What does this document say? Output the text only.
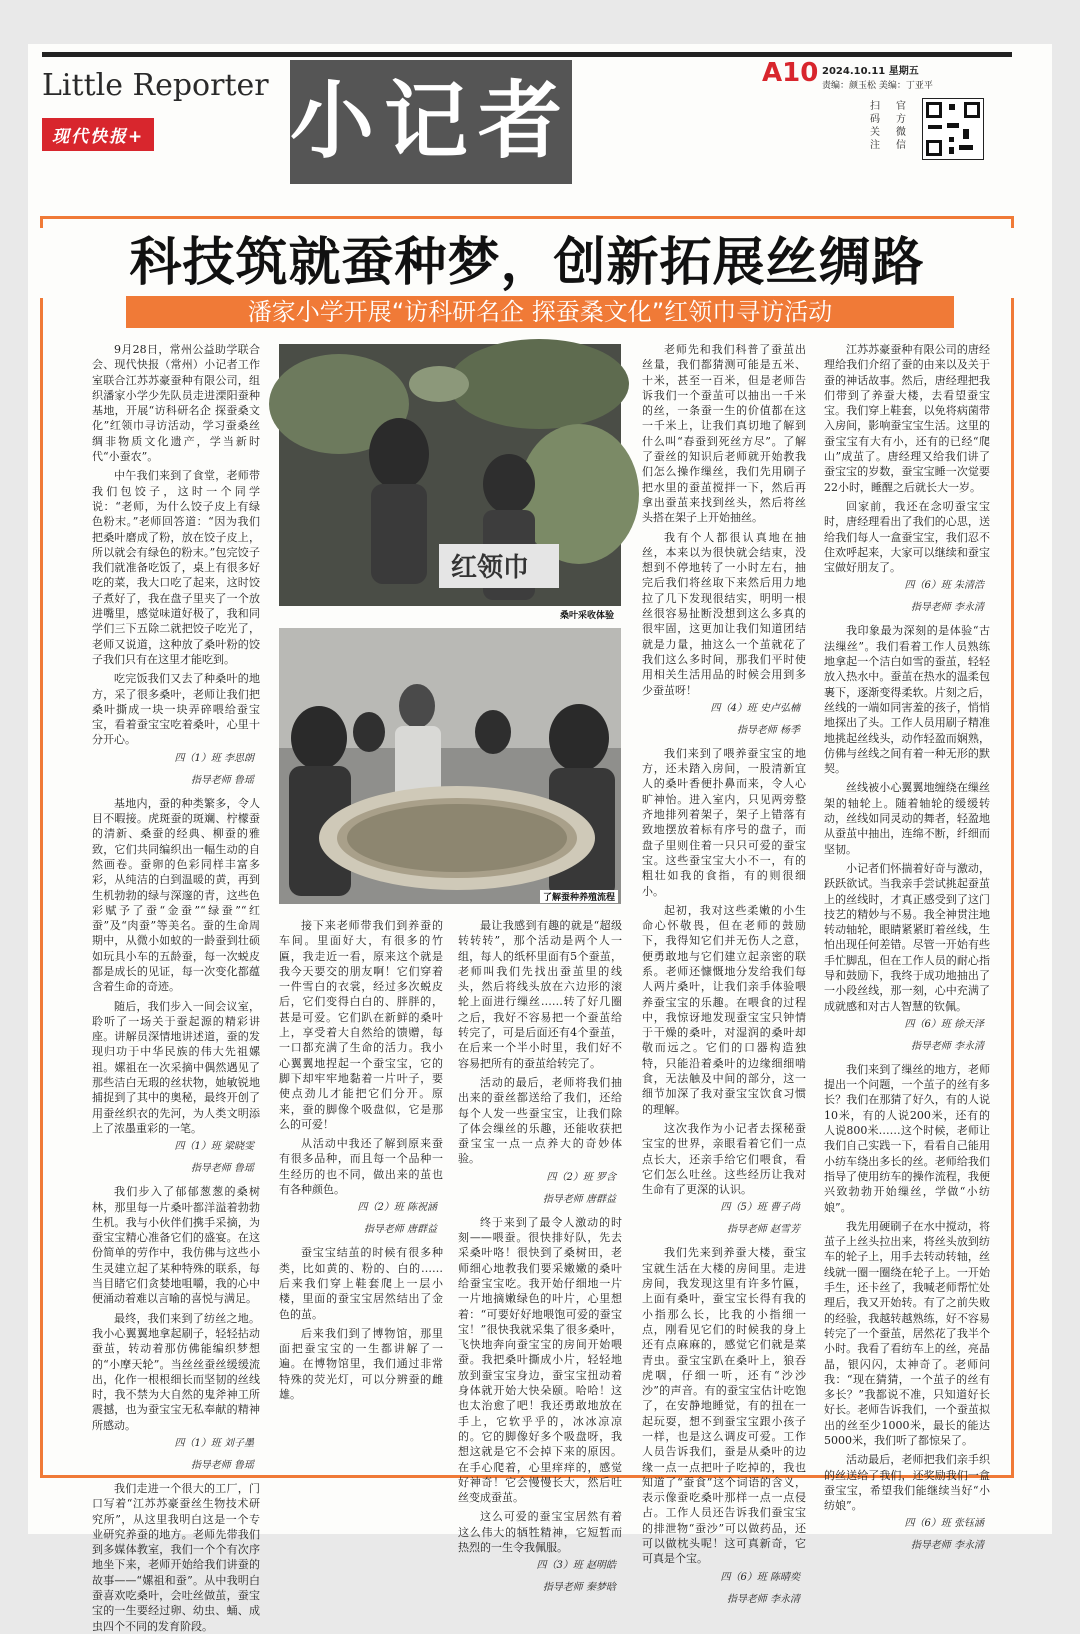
Little Reporter
现代快报+ 小记者	A10 2024.10.11 星期五
责编：颜玉松 美编：丁亚平
扫码关注
官方微信
科技筑就蚕种梦，创新拓展丝绸路
潘家小学开展“访科研名企 探蚕桑文化”红领巾寻访活动

9月28日，常州公益助学联合会、现代快报（常州）小记者工作室联合江苏苏豪蚕种有限公司，组织潘家小学少先队员走进溧阳蚕种基地，开展“访科研名企 探蚕桑文化”红领巾寻访活动，学习蚕桑丝绸非物质文化遗产，学当新时代“小蚕农”。

中午我们来到了食堂，老师带我们包饺子，这时一个同学说：“老师，为什么饺子皮上有绿色粉末。”老师回答道：“因为我们把桑叶磨成了粉，放在饺子皮上，所以就会有绿色的粉末。”包完饺子我们就准备吃饭了，桌上有很多好吃的菜，我大口吃了起来，这时饺子煮好了，我在盘子里夹了一个放进嘴里，感觉味道好极了，我和同学们三下五除二就把饺子吃光了，老师又说道，这种放了桑叶粉的饺子我们只有在这里才能吃到。

吃完饭我们又去了种桑叶的地方，采了很多桑叶，老师让我们把桑叶撕成一块一块弄碎喂给蚕宝宝，看着蚕宝宝吃着桑叶，心里十分开心。

四（1）班 李思朗
指导老师 鲁瑶

基地内，蚕的种类繁多，令人目不暇接。虎斑蚕的斑斓、柠檬蚕的清新、桑蚕的经典、柳蚕的雅致，它们共同编织出一幅生动的自然画卷。蚕卵的色彩同样丰富多彩，从纯洁的白到温暖的黄，再到生机勃勃的绿与深邃的青，这些色彩赋予了蚕“金蚕”“绿蚕”“红蚕”及“肉蚕”等美名。蚕的生命周期中，从微小如蚁的一龄蚕到壮硕如玩具小车的五龄蚕，每一次蜕皮都是成长的见证，每一次变化都蕴含着生命的奇迹。

随后，我们步入一间会议室，聆听了一场关于蚕起源的精彩讲座。讲解员深情地讲述道，蚕的发现归功于中华民族的伟大先祖嫘祖。嫘祖在一次采摘中偶然遇见了那些洁白无瑕的丝状物，她敏锐地捕捉到了其中的奥秘，最终开创了用蚕丝织衣的先河，为人类文明添上了浓墨重彩的一笔。

四（1）班 梁晓雯
指导老师 鲁瑶

我们步入了郁郁葱葱的桑树林，那里每一片桑叶都洋溢着勃勃生机。我与小伙伴们携手采摘，为蚕宝宝精心准备它们的盛宴。在这份简单的劳作中，我仿佛与这些小生灵建立起了某种特殊的联系，每当目睹它们贪婪地咀嚼，我的心中便涌动着难以言喻的喜悦与满足。

最终，我们来到了纺丝之地。我小心翼翼地拿起刷子，轻轻拈动蚕茧，转动着那仿佛能编织梦想的“小摩天轮”。当丝丝蚕丝缓缓流出，化作一根根细长而坚韧的丝线时，我不禁为大自然的鬼斧神工所震撼，也为蚕宝宝无私奉献的精神所感动。

四（1）班 刘子墨
指导老师 鲁瑶

我们走进一个很大的工厂，门口写着“江苏苏豪蚕丝生物技术研究所”，从这里我明白这是一个专业研究养蚕的地方。老师先带我们到多媒体教室，我们一个个有次序地坐下来，老师开始给我们讲蚕的故事——“嫘祖和蚕”。从中我明白蚕喜欢吃桑叶，会吐丝做茧，蚕宝宝的一生要经过卵、幼虫、蛹、成虫四个不同的发育阶段。

红领巾
桑叶采收体验
了解蚕种养殖流程

接下来老师带我们到养蚕的车间。里面好大，有很多的竹匾，我走近一看，原来这个就是我今天要交的朋友啊！它们穿着一件雪白的衣裳，经过多次蜕皮后，它们变得白白的、胖胖的，甚是可爱。它们趴在新鲜的桑叶上，享受着大自然给的馈赠，每一口都充满了生命的活力。我小心翼翼地捏起一个蚕宝宝，它的脚下却牢牢地黏着一片叶子，要使点劲儿才能把它们分开。原来，蚕的脚像个吸盘似，它是那么的可爱！

从活动中我还了解到原来蚕有很多品种，而且每一个品种一生经历的也不同，做出来的茧也有各种颜色。

四（2）班 陈祝涵
指导老师 唐群益

蚕宝宝结茧的时候有很多种类，比如黄的、粉的、白的……后来我们穿上鞋套爬上一层小楼，里面的蚕宝宝居然结出了金色的茧。

后来我们到了博物馆，那里面把蚕宝宝的一生都讲解了一遍。在博物馆里，我们通过非常特殊的荧光灯，可以分辨蚕的雌雄。

最让我感到有趣的就是“超级转转转”，那个活动是两个人一组，每人的纸杯里面有5个蚕茧，老师叫我们先找出蚕茧里的线头，然后将线头放在六边形的滚轮上面进行缫丝……转了好几圈之后，我好不容易把一个蚕茧给转完了，可是后面还有4个蚕茧，在后来一个半小时里，我们好不容易把所有的蚕茧给转完了。

活动的最后，老师将我们抽出来的蚕丝都送给了我们，还给每个人发一些蚕宝宝，让我们除了体会缫丝的乐趣，还能收获把蚕宝宝一点一点养大的奇妙体验。

四（2）班 罗含
指导老师 唐群益

终于来到了最令人激动的时刻——喂蚕。很快排好队，先去采桑叶咯！很快到了桑树田，老师细心地教我们要采嫩嫩的桑叶给蚕宝宝吃。我开始仔细地一片一片地摘嫩绿色的叶片，心里想着：“可要好好地喂饱可爱的蚕宝宝！”很快我就采集了很多桑叶，飞快地奔向蚕宝宝的房间开始喂蚕。我把桑叶撕成小片，轻轻地放到蚕宝宝身边，蚕宝宝扭动着身体就开始大快朵颐。哈哈！这也太治愈了吧！我还勇敢地放在手上，它软乎乎的，冰冰凉凉的。它的脚像好多个吸盘呀，我想这就是它不会掉下来的原因。在手心爬着，心里痒痒的，感觉好神奇！它会慢慢长大，然后吐丝变成蚕茧。

这么可爱的蚕宝宝居然有着这么伟大的牺牲精神，它短暂而热烈的一生令我佩服。

四（3）班 赵明皓
指导老师 秦梦晗

老师先和我们科普了蚕茧出丝量，我们都猜测可能是五米、十米，甚至一百米，但是老师告诉我们一个蚕茧可以抽出一千米的丝，一条蚕一生的价值都在这一千米上，让我们真切地了解到什么叫“春蚕到死丝方尽”。了解了蚕丝的知识后老师就开始教我们怎么操作缫丝，我们先用刷子把水里的蚕茧搅拌一下，然后再拿出蚕茧来找到丝头，然后将丝头搭在架子上开始抽丝。

我有个人都很认真地在抽丝，本来以为很快就会结束，没想到不停地转了一小时左右，抽完后我们将丝取下来然后用力地拉了几下发现很结实，明明一根丝很容易扯断没想到这么多真的很牢固，这更加让我们知道团结就是力量，抽这么一个茧就花了我们这么多时间，那我们平时使用相关生活用品的时候会用到多少蚕茧呀！

四（4）班 史卢弘楠
指导老师 杨季

我们来到了喂养蚕宝宝的地方，还未踏入房间，一股清新宜人的桑叶香便扑鼻而来，令人心旷神怡。进入室内，只见两旁整齐地排列着架子，架子上错落有致地摆放着标有序号的盘子，而盘子里则住着一只只可爱的蚕宝宝。这些蚕宝宝大小不一，有的粗壮如我的食指，有的则很细小。

起初，我对这些柔嫩的小生命心怀敬畏，但在老师的鼓励下，我得知它们并无伤人之意，便勇敢地与它们建立起亲密的联系。老师还慷慨地分发给我们每人两片桑叶，让我们亲手体验喂养蚕宝宝的乐趣。在喂食的过程中，我惊讶地发现蚕宝宝只钟情于干燥的桑叶，对湿润的桑叶却敬而远之。它们的口器构造独特，只能沿着桑叶的边缘细细啃食，无法触及中间的部分，这一细节加深了我对蚕宝宝饮食习惯的理解。

这次我作为小记者去探秘蚕宝宝的世界，亲眼看着它们一点点长大，还亲手给它们喂食，看它们怎么吐丝。这些经历让我对生命有了更深的认识。

四（5）班 曹子尚
指导老师 赵雪芳

我们先来到养蚕大楼，蚕宝宝就生活在大楼的房间里。走进房间，我发现这里有许多竹匾，上面有桑叶，蚕宝宝长得有我的小指那么长，比我的小指细一点，刚看见它们的时候我的身上还有点麻麻的，感觉它们就是菜青虫。蚕宝宝趴在桑叶上，狼吞虎咽，仔细一听，还有“沙沙沙”的声音。有的蚕宝宝估计吃饱了，在安静地睡觉，有的扭在一起玩耍，想不到蚕宝宝跟小孩子一样，也是这么调皮可爱。工作人员告诉我们，蚕是从桑叶的边缘一点一点把叶子吃掉的，我也知道了“蚕食”这个词语的含义，表示像蚕吃桑叶那样一点一点侵占。工作人员还告诉我们蚕宝宝的排泄物“蚕沙”可以做药品，还可以做枕头呢！这可真新奇，它可真是个宝。

四（6）班 陈晴奕
指导老师 李永清

江苏苏豪蚕种有限公司的唐经理给我们介绍了蚕的由来以及关于蚕的神话故事。然后，唐经理把我们带到了养蚕大楼，去看望蚕宝宝。我们穿上鞋套，以免将病菌带入房间，影响蚕宝宝生活。这里的蚕宝宝有大有小，还有的已经“爬山”成茧了。唐经理又给我们讲了蚕宝宝的岁数，蚕宝宝睡一次觉要22小时，睡醒之后就长大一岁。

回家前，我还在念叨蚕宝宝时，唐经理看出了我们的心思，送给我们每人一盒蚕宝宝，我们忍不住欢呼起来，大家可以继续和蚕宝宝做好朋友了。

四（6）班 朱清浩
指导老师 李永清

我印象最为深刻的是体验“古法缫丝”。我们看着工作人员熟练地拿起一个洁白如雪的蚕茧，轻轻放入热水中。蚕茧在热水的温柔包裹下，逐渐变得柔软。片刻之后，丝线的一端如同害羞的孩子，悄悄地探出了头。工作人员用刷子精准地挑起丝线头，动作轻盈而娴熟，仿佛与丝线之间有着一种无形的默契。

丝线被小心翼翼地缠绕在缫丝架的轴轮上。随着轴轮的缓缓转动，丝线如同灵动的舞者，轻盈地从蚕茧中抽出，连绵不断，纤细而坚韧。

小记者们怀揣着好奇与激动，跃跃欲试。当我亲手尝试挑起蚕茧上的丝线时，才真正感受到了这门技艺的精妙与不易。我全神贯注地转动轴轮，眼睛紧紧盯着丝线，生怕出现任何差错。尽管一开始有些手忙脚乱，但在工作人员的耐心指导和鼓励下，我终于成功地抽出了一小段丝线，那一刻，心中充满了成就感和对古人智慧的钦佩。

四（6）班 徐天泽
指导老师 李永清

我们来到了缫丝的地方，老师提出一个问题，一个茧子的丝有多长？我们在那猜了好久，有的人说10米，有的人说200米，还有的人说800米……这个时候，老师让我们自己实践一下，看看自己能用小纺车绕出多长的丝。老师给我们指导了使用纺车的操作流程，我便兴致勃勃开始缫丝，学做“小纺娘”。

我先用硬刷子在水中搅动，将茧子上丝头拉出来，将丝头放到纺车的轮子上，用手去转动转轴，丝线就一圈一圈绕在轮子上。一开始手生，还卡丝了，我喊老师帮忙处理后，我又开始转。有了之前失败的经验，我越转越熟练，好不容易转完了一个蚕茧，居然花了我半个小时。我看了看纺车上的丝，亮晶晶，银闪闪，太神奇了。老师问我：“现在猜猜，一个茧子的丝有多长？”我都说不准，只知道好长好长。老师告诉我们，一个蚕茧拟出的丝至少1000米，最长的能达5000米，我们听了都惊呆了。

活动最后，老师把我们亲手织的丝送给了我们，还奖励我们一盒蚕宝宝，希望我们能继续当好“小纺娘”。

四（6）班 张钰涵
指导老师 李永清
